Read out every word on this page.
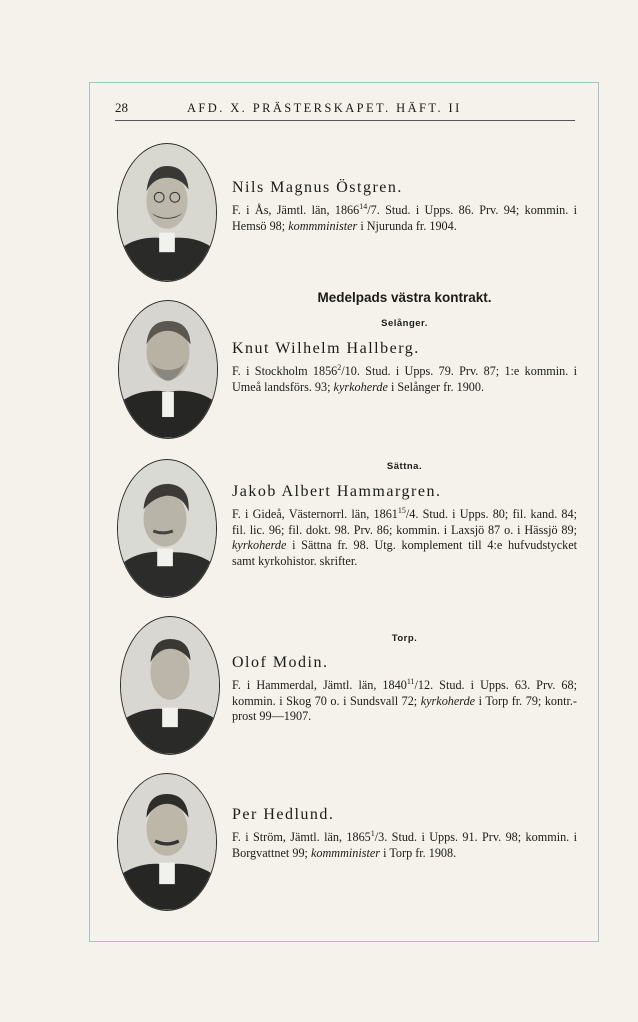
28	AFD. X. PRÄSTERSKAPET. HÄFT. II
Nils Magnus Östgren.
F. i Ås, Jämtl. län, 1866$^{14}$/7. Stud. i Upps. 86. Prv. 94; kommin. i Hemsö 98; kommminister i Njurunda fr. 1904.
Medelpads västra kontrakt.
Selånger.
Knut Wilhelm Hallberg.
F. i Stockholm 1856$^2$/10. Stud. i Upps. 79. Prv. 87; 1:e kommin. i Umeå landsförs. 93; kyrkoherde i Selånger fr. 1900.
Sättna.
Jakob Albert Hammargren.
F. i Gideå, Västernorrl. län, 1861$^{15}$/4. Stud. i Upps. 80; fil. kand. 84; fil. lic. 96; fil. dokt. 98. Prv. 86; kommin. i Laxsjö 87 o. i Hässjö 89; kyrkoherde i Sättna fr. 98. Utg. komplement till 4:e hufvudstycket samt kyrkohistor. skrifter.
Torp.
Olof Modin.
F. i Hammerdal, Jämtl. län, 1840$^{11}$/12. Stud. i Upps. 63. Prv. 68; kommin. i Skog 70 o. i Sundsvall 72; kyrkoherde i Torp fr. 79; kontr.-prost 99—1907.
Per Hedlund.
F. i Ström, Jämtl. län, 1865$^1$/3. Stud. i Upps. 91. Prv. 98; kommin. i Borgvattnet 99; kommminister i Torp fr. 1908.
